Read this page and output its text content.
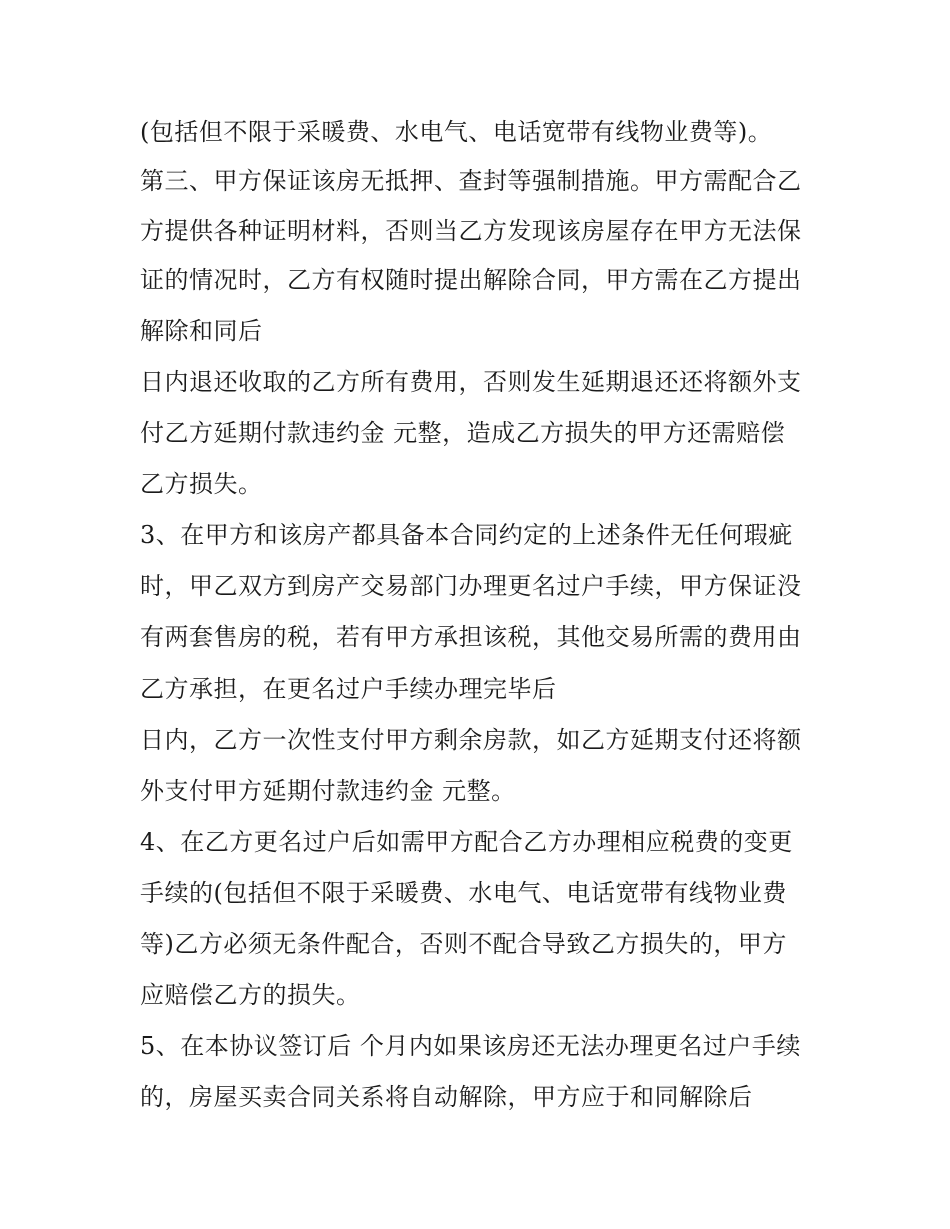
(包括但不限于采暖费、水电气、电话宽带有线物业费等)。

第三、甲方保证该房无抵押、查封等强制措施。甲方需配合乙

方提供各种证明材料，否则当乙方发现该房屋存在甲方无法保

证的情况时，乙方有权随时提出解除合同，甲方需在乙方提出

解除和同后

日内退还收取的乙方所有费用，否则发生延期退还还将额外支

付乙方延期付款违约金 元整，造成乙方损失的甲方还需赔偿

乙方损失。

3、在甲方和该房产都具备本合同约定的上述条件无任何瑕疵

时，甲乙双方到房产交易部门办理更名过户手续，甲方保证没

有两套售房的税，若有甲方承担该税，其他交易所需的费用由

乙方承担，在更名过户手续办理完毕后

日内，乙方一次性支付甲方剩余房款，如乙方延期支付还将额

外支付甲方延期付款违约金 元整。

4、在乙方更名过户后如需甲方配合乙方办理相应税费的变更

手续的(包括但不限于采暖费、水电气、电话宽带有线物业费

等)乙方必须无条件配合，否则不配合导致乙方损失的，甲方

应赔偿乙方的损失。

5、在本协议签订后 个月内如果该房还无法办理更名过户手续

的，房屋买卖合同关系将自动解除，甲方应于和同解除后
